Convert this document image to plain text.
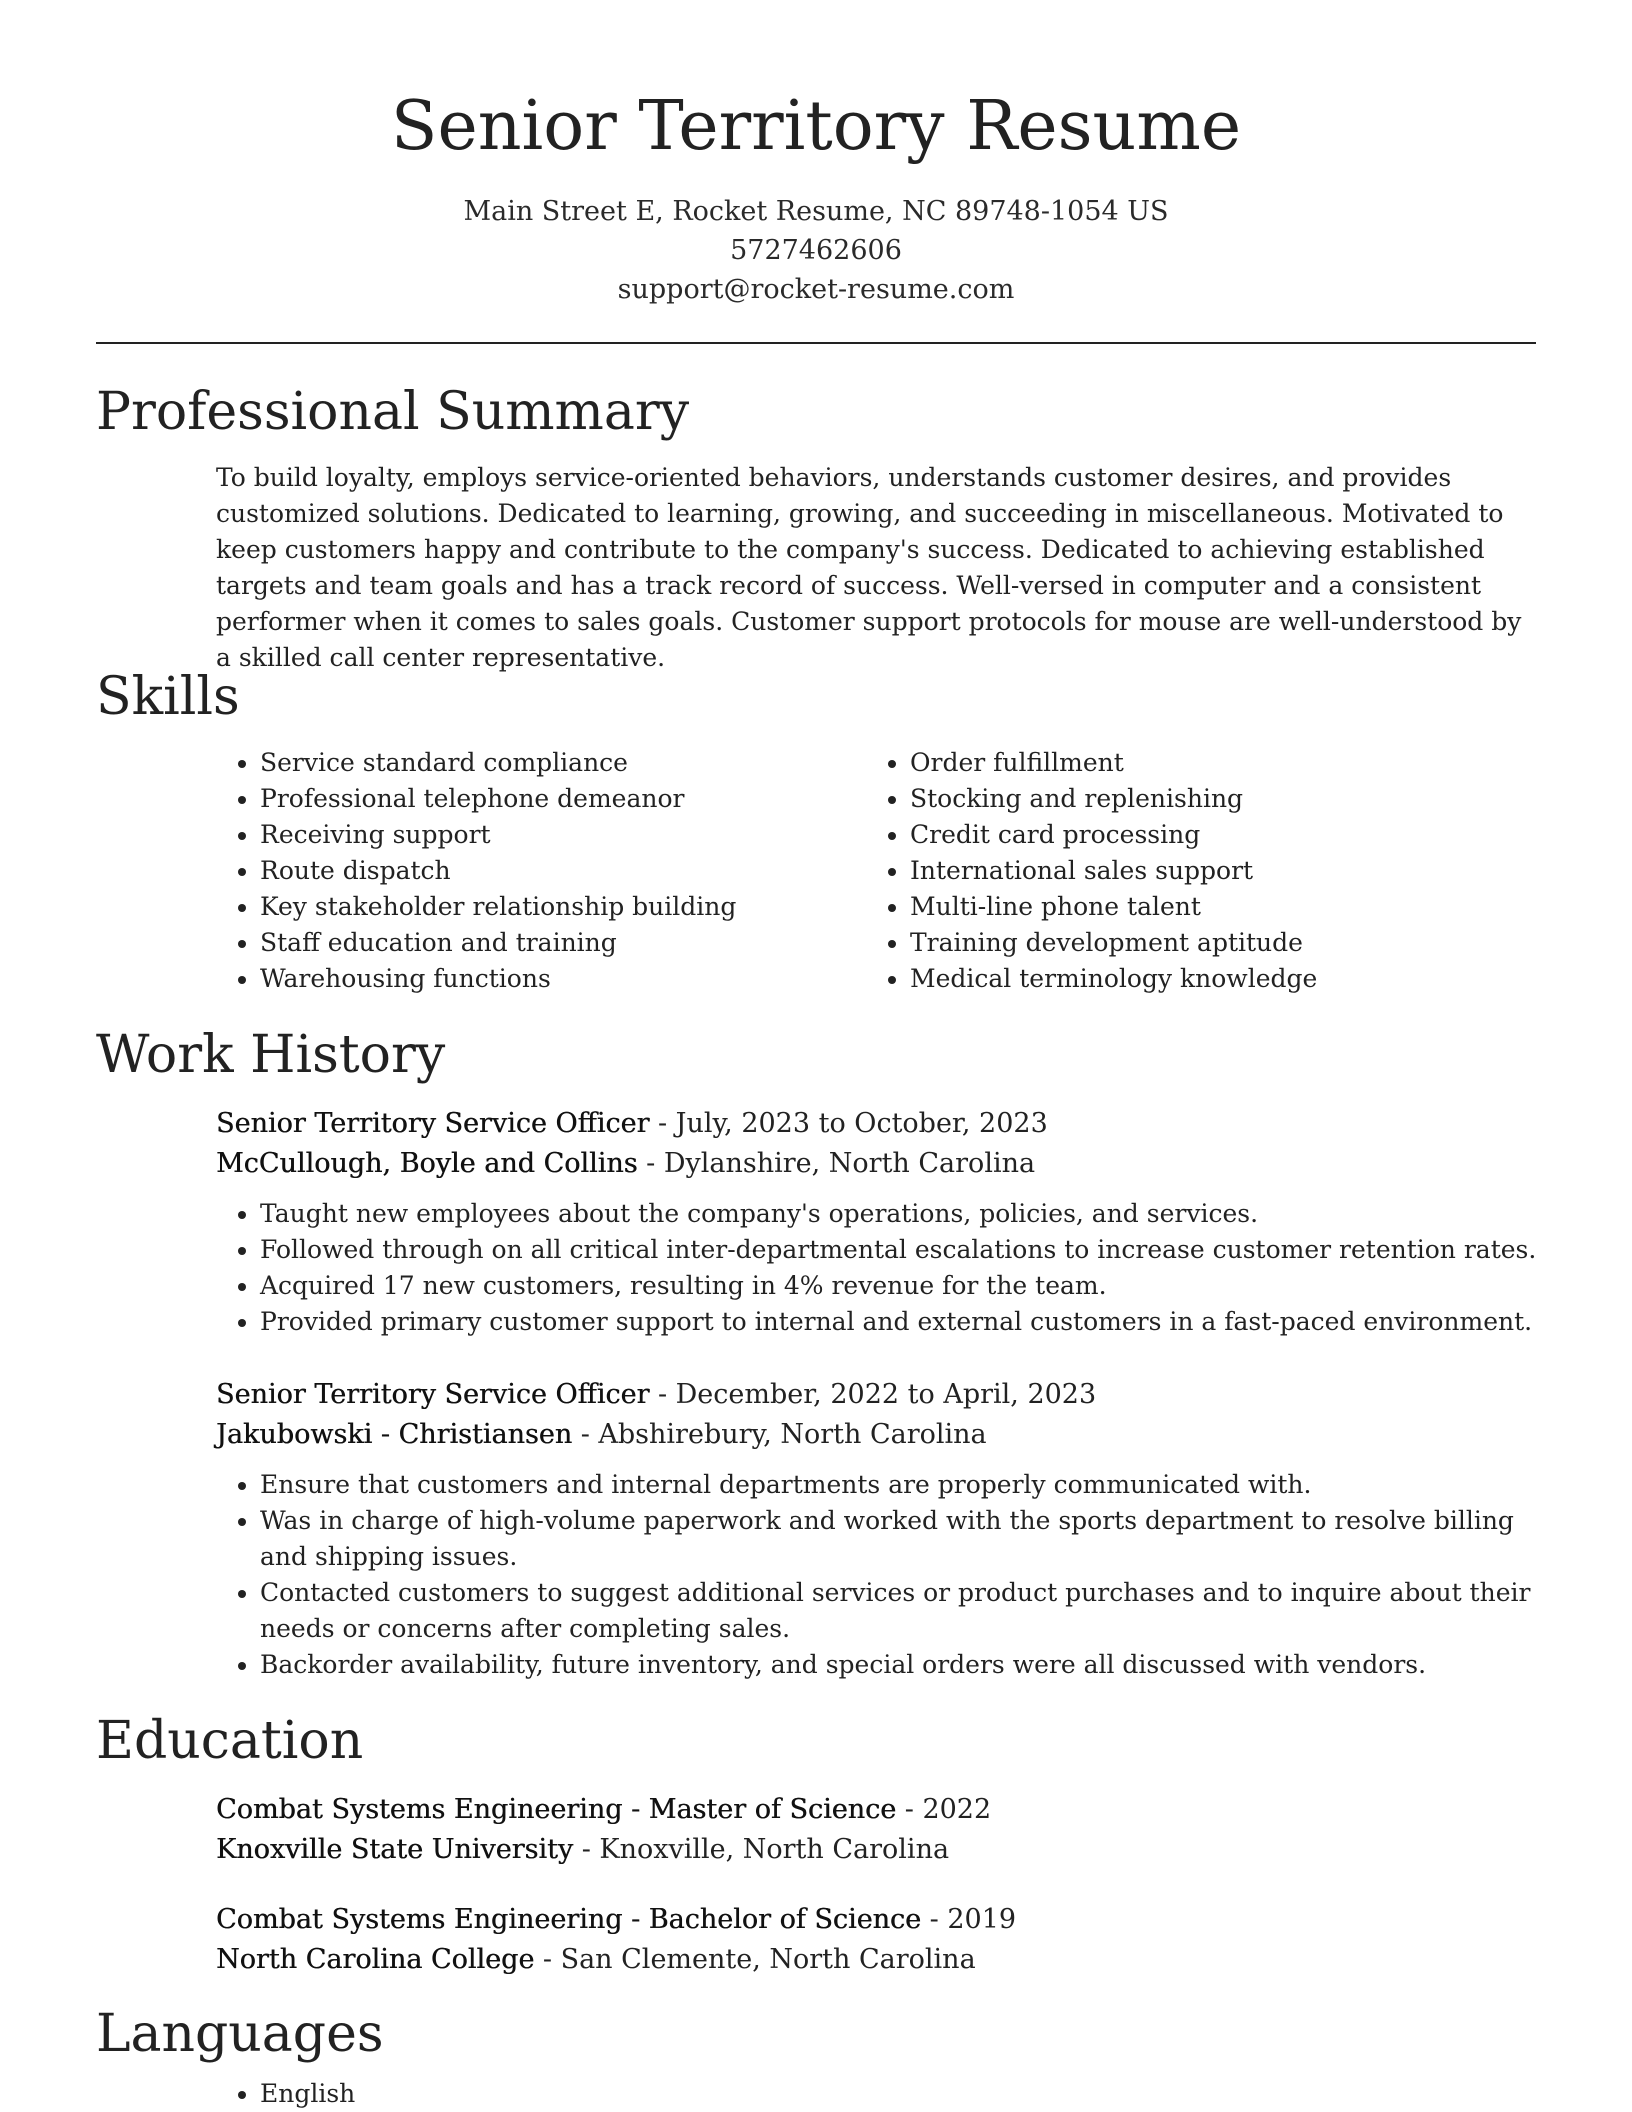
Senior Territory Resume
Main Street E, Rocket Resume, NC 89748-1054 US
5727462606
support@rocket-resume.com
Professional Summary

To build loyalty, employs service-oriented behaviors, understands customer desires, and provides customized solutions. Dedicated to learning, growing, and succeeding in miscellaneous. Motivated to keep customers happy and contribute to the company's success. Dedicated to achieving established targets and team goals and has a track record of success. Well-versed in computer and a consistent performer when it comes to sales goals. Customer support protocols for mouse are well-understood by a skilled call center representative.

Skills
• Service standard compliance
• Professional telephone demeanor
• Receiving support
• Route dispatch
• Key stakeholder relationship building
• Staff education and training
• Warehousing functions
• Order fulfillment
• Stocking and replenishing
• Credit card processing
• International sales support
• Multi-line phone talent
• Training development aptitude
• Medical terminology knowledge
Work History
Senior Territory Service Officer - July, 2023 to October, 2023
McCullough, Boyle and Collins - Dylanshire, North Carolina
• Taught new employees about the company's operations, policies, and services.
• Followed through on all critical inter-departmental escalations to increase customer retention rates.
• Acquired 17 new customers, resulting in 4% revenue for the team.
• Provided primary customer support to internal and external customers in a fast-paced environment.
Senior Territory Service Officer - December, 2022 to April, 2023
Jakubowski - Christiansen - Abshirebury, North Carolina
• Ensure that customers and internal departments are properly communicated with.
• Was in charge of high-volume paperwork and worked with the sports department to resolve billing and shipping issues.
• Contacted customers to suggest additional services or product purchases and to inquire about their needs or concerns after completing sales.
• Backorder availability, future inventory, and special orders were all discussed with vendors.
Education
Combat Systems Engineering - Master of Science - 2022
Knoxville State University - Knoxville, North Carolina
Combat Systems Engineering - Bachelor of Science - 2019
North Carolina College - San Clemente, North Carolina
Languages
• English
